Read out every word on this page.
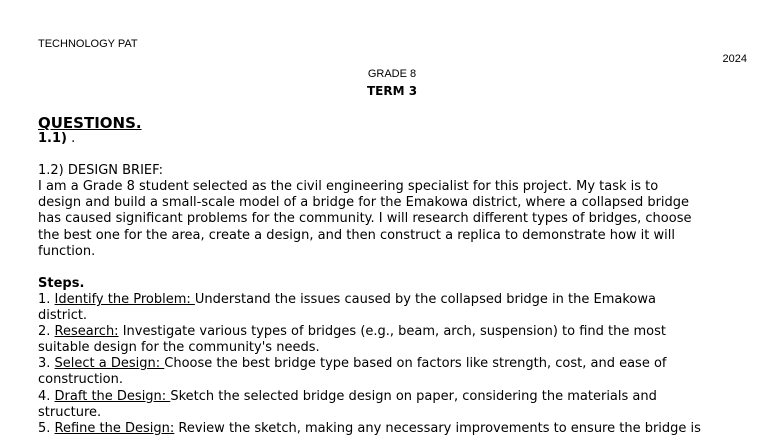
TECHNOLOGY PAT
2024
GRADE 8
TERM 3
QUESTIONS.
1.1) .
1.2) DESIGN BRIEF:
I am a Grade 8 student selected as the civil engineering specialist for this project. My task is to
design and build a small-scale model of a bridge for the Emakowa district, where a collapsed bridge
has caused significant problems for the community. I will research different types of bridges, choose
the best one for the area, create a design, and then construct a replica to demonstrate how it will
function.
Steps.
1. Identify the Problem: Understand the issues caused by the collapsed bridge in the Emakowa
district.
2. Research: Investigate various types of bridges (e.g., beam, arch, suspension) to find the most
suitable design for the community's needs.
3. Select a Design: Choose the best bridge type based on factors like strength, cost, and ease of
construction.
4. Draft the Design: Sketch the selected bridge design on paper, considering the materials and
structure.
5. Refine the Design: Review the sketch, making any necessary improvements to ensure the bridge is
